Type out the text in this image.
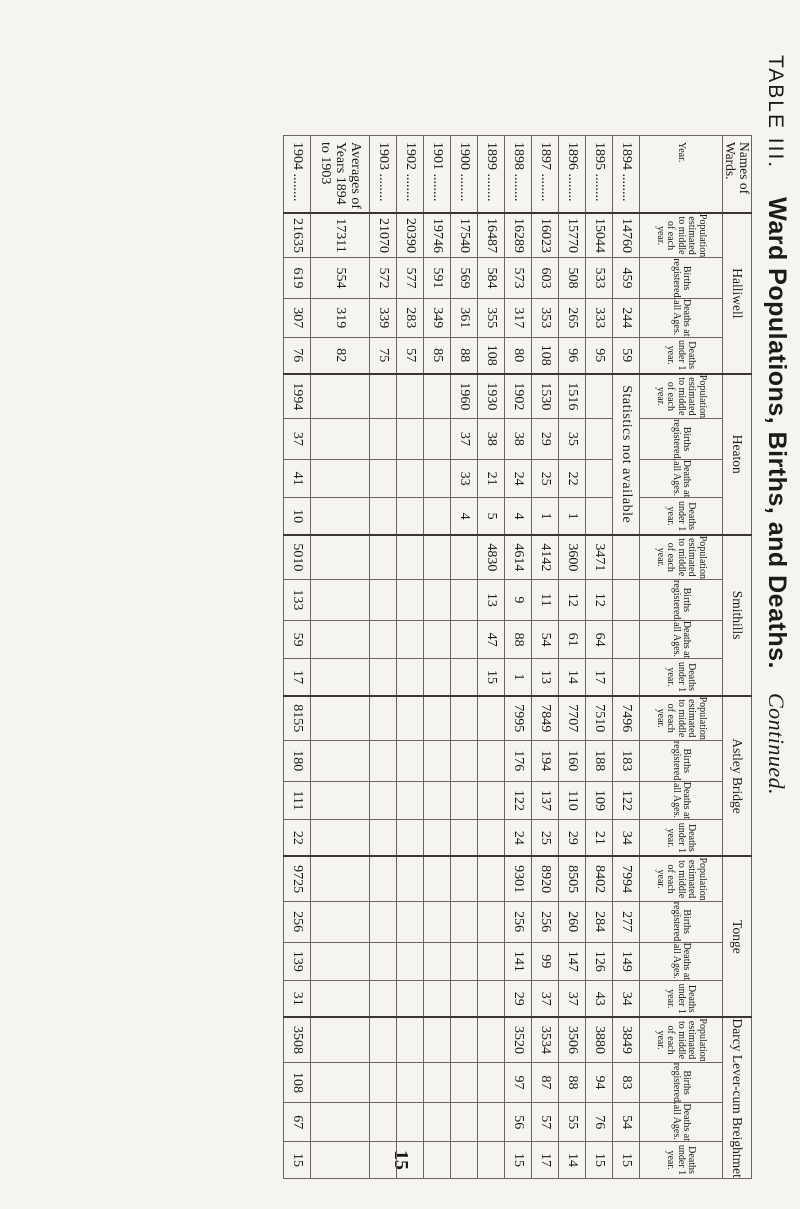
15
TABLE III. Ward Populations, Births, and Deaths. Continued.
Names of Wards.	Halliwell				Heaton				Smithills				Astley Bridge				Tonge				Darcy Lever-cum Breightmet			
Year.	Population estimated to middle of each year.	Births registered.	Deaths at all Ages.	Deaths under 1 year.	Population estimated to middle of each year.	Births registered.	Deaths at all Ages.	Deaths under 1 year.	Population estimated to middle of each year.	Births registered.	Deaths at all Ages.	Deaths under 1 year.	Population estimated to middle of each year.	Births registered.	Deaths at all Ages.	Deaths under 1 year.	Population estimated to middle of each year.	Births registered.	Deaths at all Ages.	Deaths under 1 year.	Population estimated to middle of each year.	Births registered.	Deaths at all Ages.	Deaths under 1 year.
1894 ........	14760	459	244	59	Statistics not available								7496	183	122	34	7994	277	149	34	3849	83	54	15
1895 ........	15044	533	333	95					3471	12	64	17	7510	188	109	21	8402	284	126	43	3880	94	76	15
1896 ........	15770	508	265	96	1516	35	22	1	3600	12	61	14	7707	160	110	29	8505	260	147	37	3506	88	55	14
1897 ........	16023	603	353	108	1530	29	25	1	4142	11	54	13	7849	194	137	25	8920	256	99	37	3534	87	57	17
1898 ........	16289	573	317	80	1902	38	24	4	4614	9	88	1	7995	176	122	24	9301	256	141	29	3520	97	56	15
1899 ........	16487	584	355	108	1930	38	21	5	4830	13	47	15												
1900 ........	17540	569	361	88	1960	37	33	4																
1901 ........	19746	591	349	85																				
1902 ........	20390	577	283	57																				
1903 ........	21070	572	339	75																				
Averages of Years 1894 to 1903	17311	554	319	82																				
1904 ........	21635	619	307	76	1994	37	41	10	5010	133	59	17	8155	180	111	22	9725	256	139	31	3508	108	67	15
